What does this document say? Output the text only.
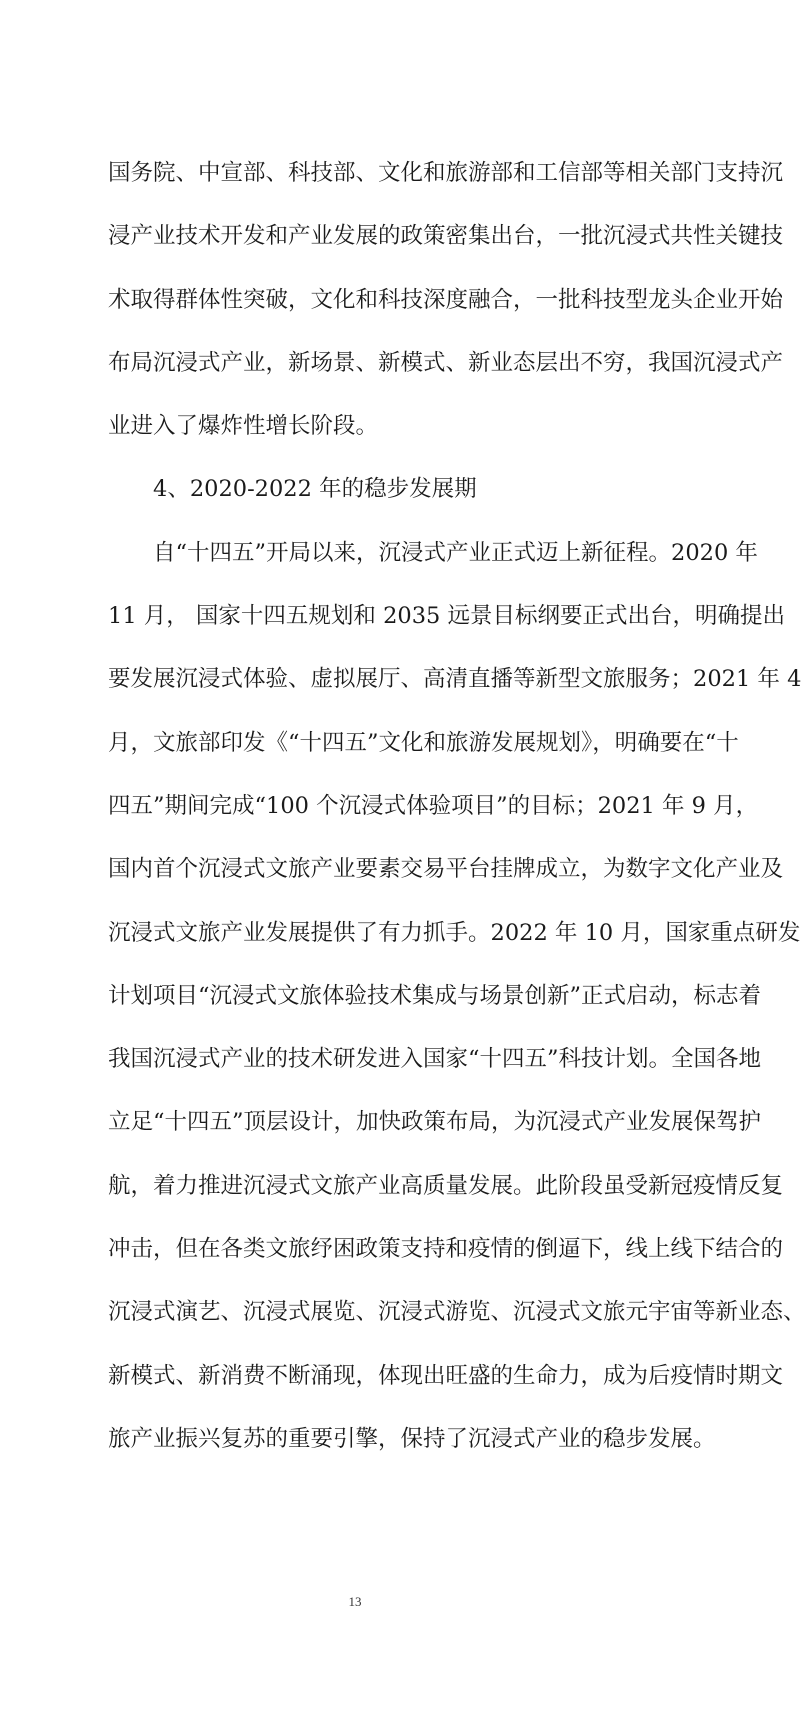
国务院、中宣部、科技部、文化和旅游部和工信部等相关部门支持沉
浸产业技术开发和产业发展的政策密集出台，一批沉浸式共性关键技
术取得群体性突破，文化和科技深度融合，一批科技型龙头企业开始
布局沉浸式产业，新场景、新模式、新业态层出不穷，我国沉浸式产
业进入了爆炸性增长阶段。
　　4、2020-2022 年的稳步发展期
　　自“十四五”开局以来，沉浸式产业正式迈上新征程。2020 年
11 月， 国家十四五规划和 2035 远景目标纲要正式出台，明确提出
要发展沉浸式体验、虚拟展厅、高清直播等新型文旅服务；2021 年 4
月，文旅部印发《“十四五”文化和旅游发展规划》，明确要在“十
四五”期间完成“100 个沉浸式体验项目”的目标；2021 年 9 月，
国内首个沉浸式文旅产业要素交易平台挂牌成立，为数字文化产业及
沉浸式文旅产业发展提供了有力抓手。2022 年 10 月，国家重点研发
计划项目“沉浸式文旅体验技术集成与场景创新”正式启动，标志着
我国沉浸式产业的技术研发进入国家“十四五”科技计划。全国各地
立足“十四五”顶层设计，加快政策布局，为沉浸式产业发展保驾护
航，着力推进沉浸式文旅产业高质量发展。此阶段虽受新冠疫情反复
冲击，但在各类文旅纾困政策支持和疫情的倒逼下，线上线下结合的
沉浸式演艺、沉浸式展览、沉浸式游览、沉浸式文旅元宇宙等新业态、
新模式、新消费不断涌现，体现出旺盛的生命力，成为后疫情时期文
旅产业振兴复苏的重要引擎，保持了沉浸式产业的稳步发展。
13
